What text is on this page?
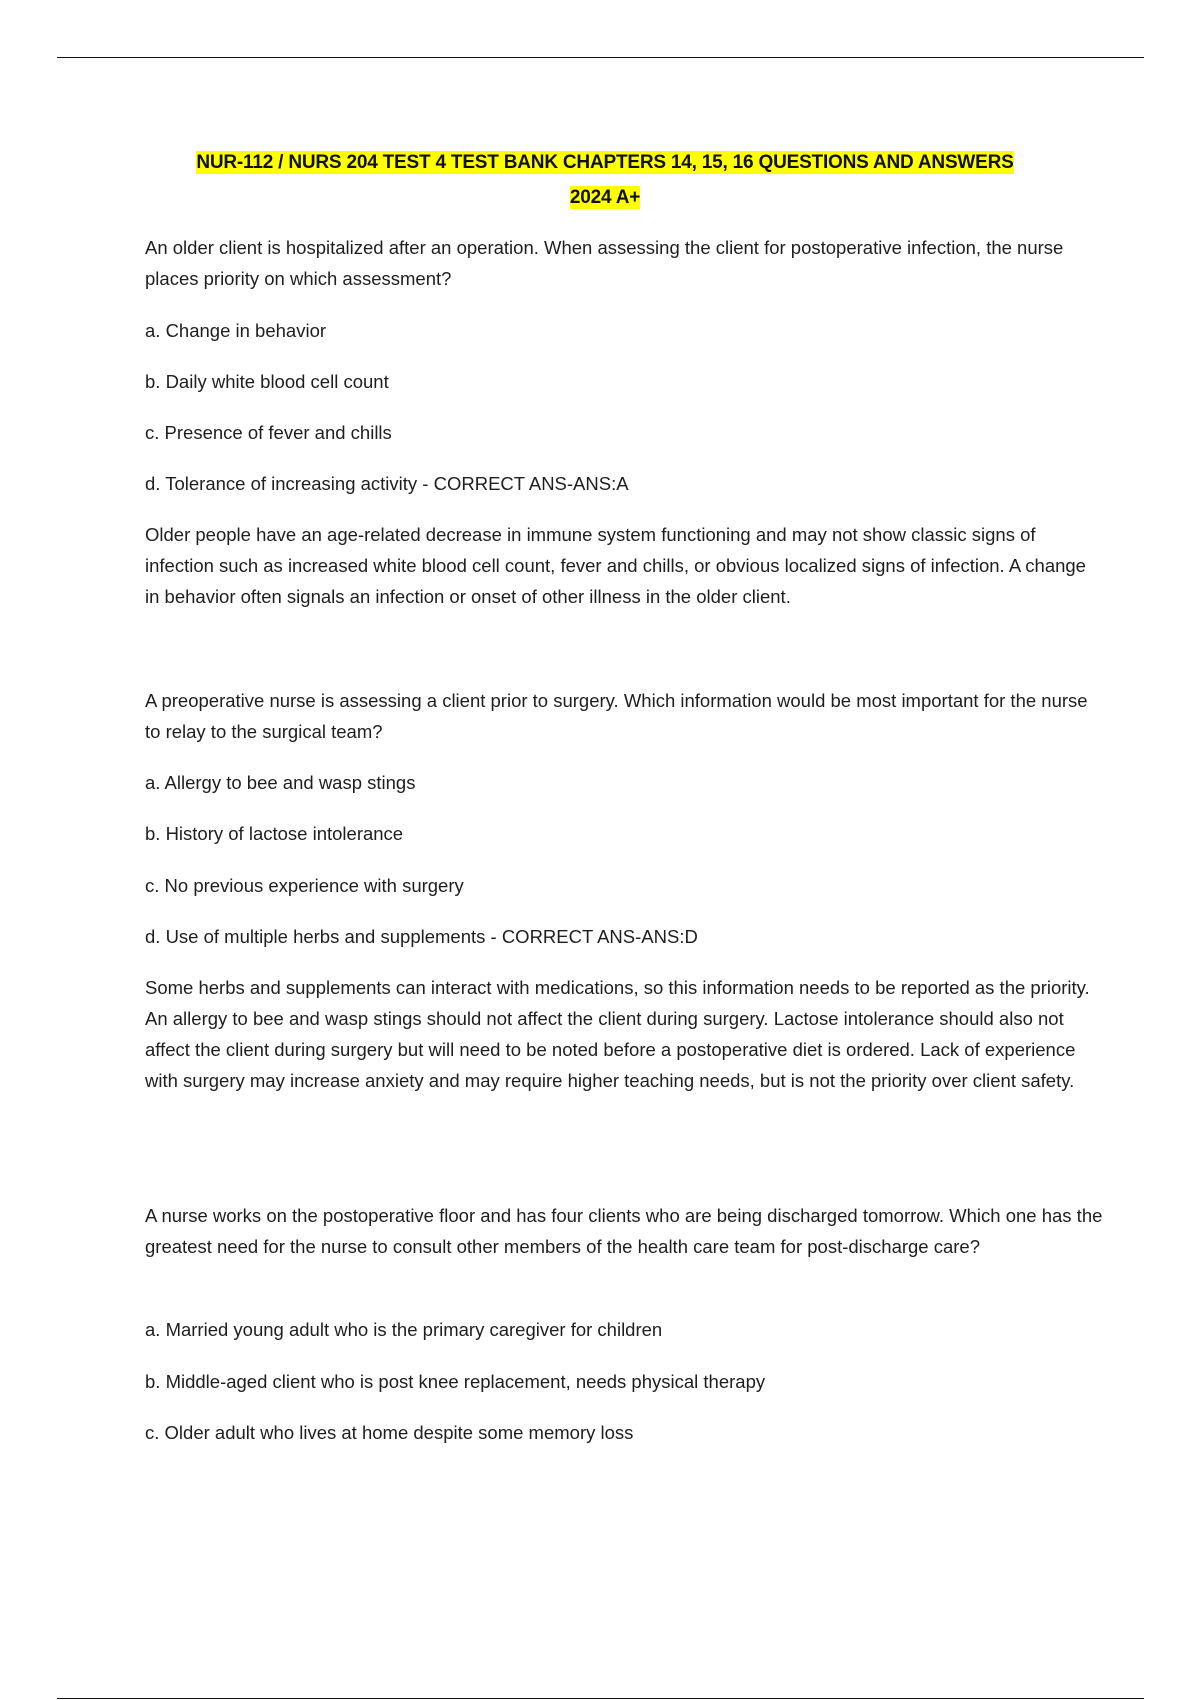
NUR-112 / NURS 204 TEST 4 TEST BANK CHAPTERS 14, 15, 16 QUESTIONS AND ANSWERS
2024 A+
An older client is hospitalized after an operation. When assessing the client for postoperative infection, the nurse places priority on which assessment?
a. Change in behavior
b. Daily white blood cell count
c. Presence of fever and chills
d. Tolerance of increasing activity - CORRECT ANS-ANS:A
Older people have an age-related decrease in immune system functioning and may not show classic signs of infection such as increased white blood cell count, fever and chills, or obvious localized signs of infection. A change in behavior often signals an infection or onset of other illness in the older client.
A preoperative nurse is assessing a client prior to surgery. Which information would be most important for the nurse to relay to the surgical team?
a. Allergy to bee and wasp stings
b. History of lactose intolerance
c. No previous experience with surgery
d. Use of multiple herbs and supplements - CORRECT ANS-ANS:D
Some herbs and supplements can interact with medications, so this information needs to be reported as the priority. An allergy to bee and wasp stings should not affect the client during surgery. Lactose intolerance should also not affect the client during surgery but will need to be noted before a postoperative diet is ordered. Lack of experience with surgery may increase anxiety and may require higher teaching needs, but is not the priority over client safety.
A nurse works on the postoperative floor and has four clients who are being discharged tomorrow. Which one has the greatest need for the nurse to consult other members of the health care team for post-discharge care?
a. Married young adult who is the primary caregiver for children
b. Middle-aged client who is post knee replacement, needs physical therapy
c. Older adult who lives at home despite some memory loss
